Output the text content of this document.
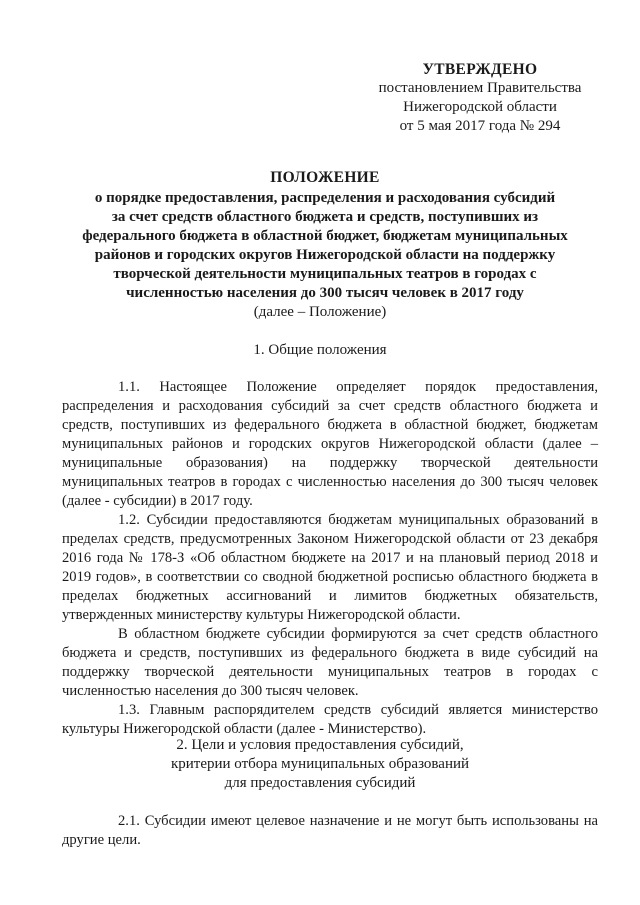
УТВЕРЖДЕНО
постановлением Правительства
Нижегородской области
от 5 мая 2017 года № 294
ПОЛОЖЕНИЕ
о порядке предоставления, распределения и расходования субсидий
за счет средств областного бюджета и средств, поступивших из
федерального бюджета в областной бюджет, бюджетам муниципальных
районов и городских округов Нижегородской области на поддержку
творческой деятельности муниципальных театров в городах с
численностью населения до 300 тысяч человек в 2017 году
(далее – Положение)
1. Общие положения

1.1. Настоящее Положение определяет порядок предоставления, распределения и расходования субсидий за счет средств областного бюджета и средств, поступивших из федерального бюджета в областной бюджет, бюджетам муниципальных районов и городских округов Нижегородской области (далее – муниципальные образования) на поддержку творческой деятельности муниципальных театров в городах с численностью населения до 300 тысяч человек (далее - субсидии) в 2017 году.

1.2. Субсидии предоставляются бюджетам муниципальных образований в пределах средств, предусмотренных Законом Нижегородской области от 23 декабря 2016 года № 178-З «Об областном бюджете на 2017 и на плановый период 2018 и 2019 годов», в соответствии со сводной бюджетной росписью областного бюджета в пределах бюджетных ассигнований и лимитов бюджетных обязательств, утвержденных министерству культуры Нижегородской области.

В областном бюджете субсидии формируются за счет средств областного бюджета и средств, поступивших из федерального бюджета в виде субсидий на поддержку творческой деятельности муниципальных театров в городах с численностью населения до 300 тысяч человек.

1.3. Главным распорядителем средств субсидий является министерство культуры Нижегородской области (далее - Министерство).

2. Цели и условия предоставления субсидий,
критерии отбора муниципальных образований
для предоставления субсидий

2.1. Субсидии имеют целевое назначение и не могут быть использованы на другие цели.
